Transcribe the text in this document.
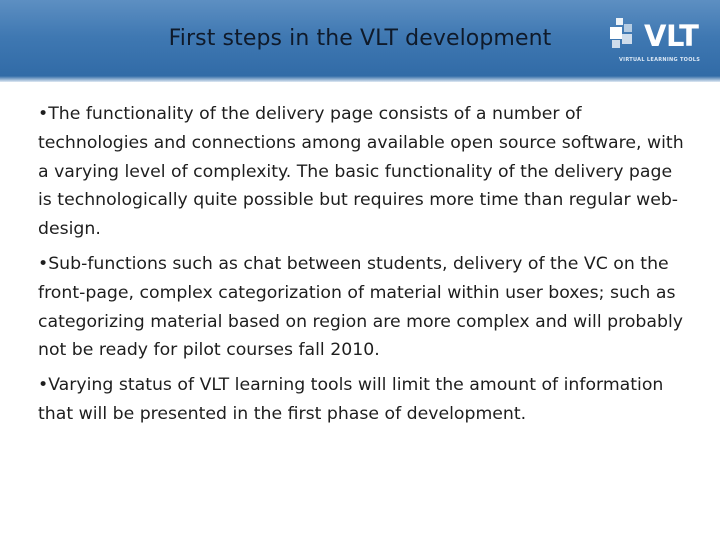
First steps in the VLT development	VLT
VIRTUAL LEARNING TOOLS

•The functionality of the delivery page consists of a number of technologies and connections among available open source software, with a varying level of complexity. The basic functionality of the delivery page is technologically quite possible but requires more time than regular web-design.

•Sub-functions such as chat between students, delivery of the VC on the front-page, complex categorization of material within user boxes; such as categorizing material based on region are more complex and will probably not be ready for pilot courses fall 2010.

•Varying status of VLT learning tools will limit the amount of information that will be presented in the first phase of development.
